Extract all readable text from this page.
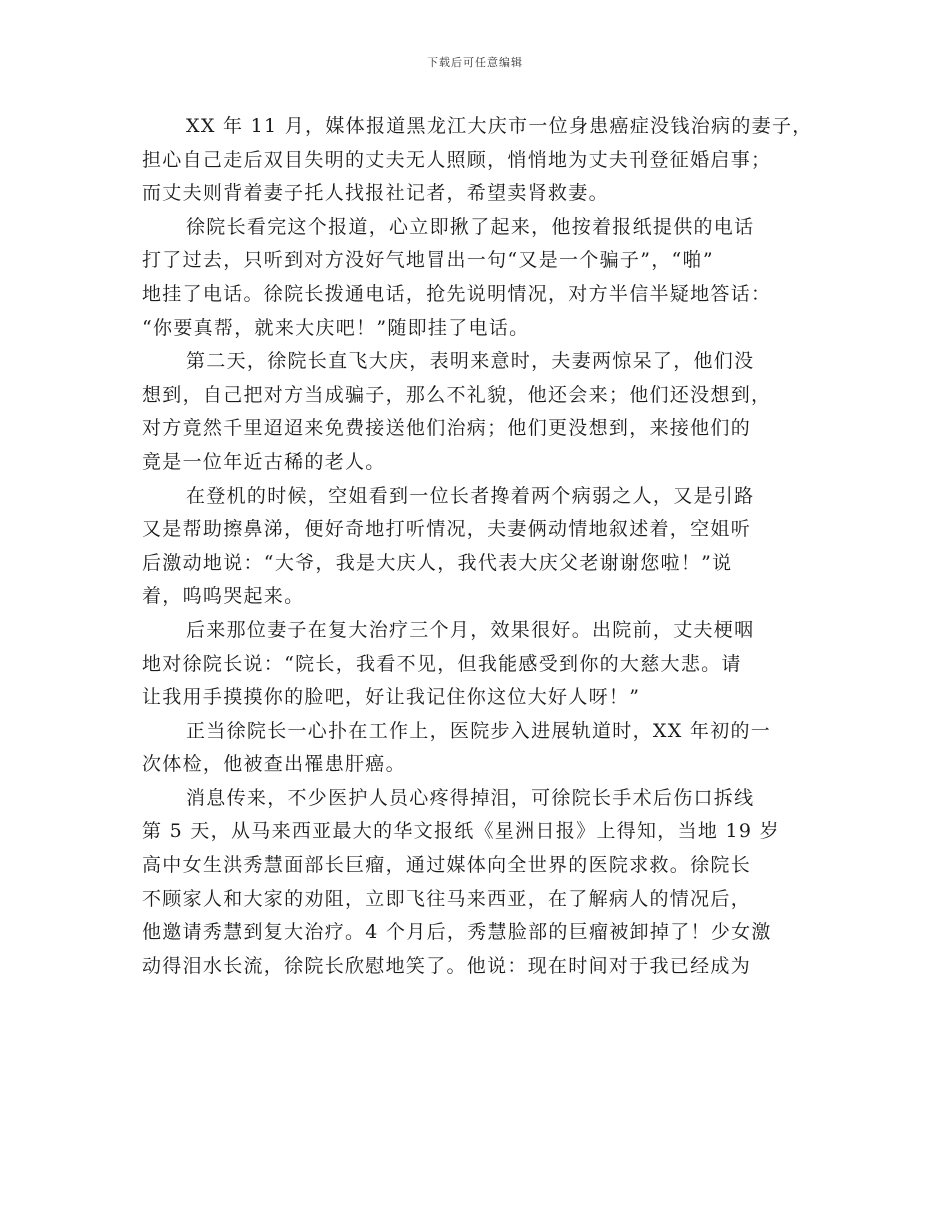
下载后可任意编辑
XX 年 11 月，媒体报道黑龙江大庆市一位身患癌症没钱治病的妻子，
担心自己走后双目失明的丈夫无人照顾，悄悄地为丈夫刊登征婚启事；
而丈夫则背着妻子托人找报社记者，希望卖肾救妻。
徐院长看完这个报道，心立即揪了起来，他按着报纸提供的电话
打了过去，只听到对方没好气地冒出一句“又是一个骗子”，“啪”
地挂了电话。徐院长拨通电话，抢先说明情况，对方半信半疑地答话：
“你要真帮，就来大庆吧！”随即挂了电话。
第二天，徐院长直飞大庆，表明来意时，夫妻两惊呆了，他们没
想到，自己把对方当成骗子，那么不礼貌，他还会来；他们还没想到，
对方竟然千里迢迢来免费接送他们治病；他们更没想到，来接他们的
竟是一位年近古稀的老人。
在登机的时候，空姐看到一位长者搀着两个病弱之人，又是引路
又是帮助擦鼻涕，便好奇地打听情况，夫妻俩动情地叙述着，空姐听
后激动地说：“大爷，我是大庆人，我代表大庆父老谢谢您啦！”说
着，呜呜哭起来。
后来那位妻子在复大治疗三个月，效果很好。出院前，丈夫梗咽
地对徐院长说：“院长，我看不见，但我能感受到你的大慈大悲。请
让我用手摸摸你的脸吧，好让我记住你这位大好人呀！”
正当徐院长一心扑在工作上，医院步入进展轨道时，XX 年初的一
次体检，他被查出罹患肝癌。
消息传来，不少医护人员心疼得掉泪，可徐院长手术后伤口拆线
第 5 天，从马来西亚最大的华文报纸《星洲日报》上得知，当地 19 岁
高中女生洪秀慧面部长巨瘤，通过媒体向全世界的医院求救。徐院长
不顾家人和大家的劝阻，立即飞往马来西亚，在了解病人的情况后，
他邀请秀慧到复大治疗。4 个月后，秀慧脸部的巨瘤被卸掉了！少女激
动得泪水长流，徐院长欣慰地笑了。他说：现在时间对于我已经成为
